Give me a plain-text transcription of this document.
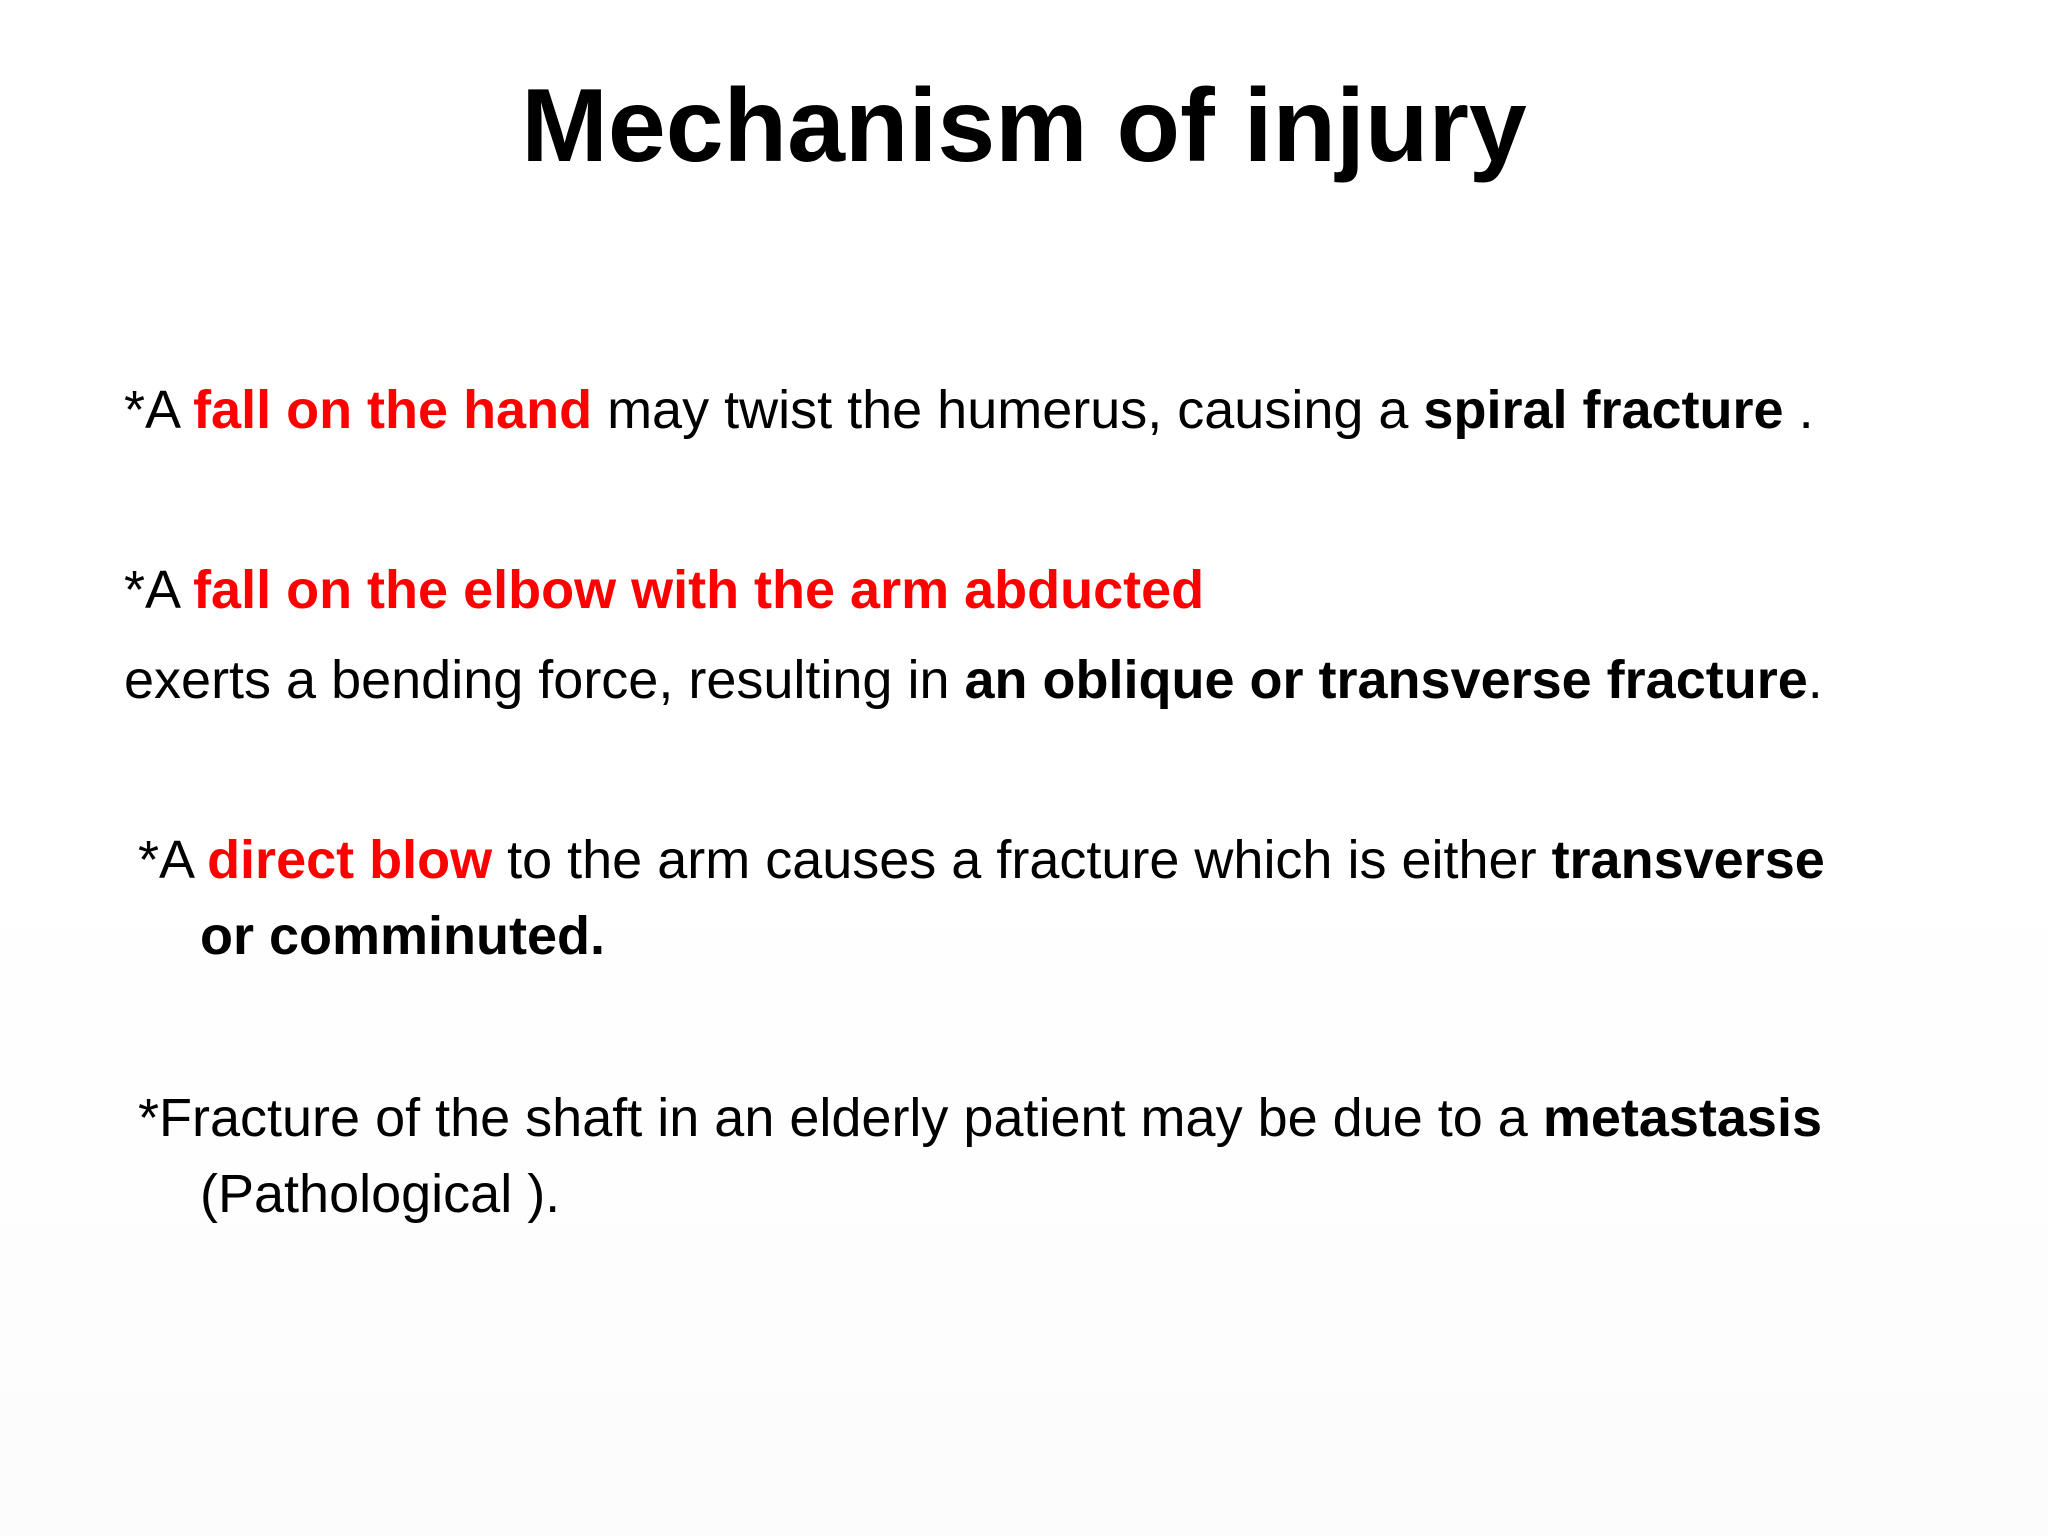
Mechanism of injury

*A fall on the hand may twist the humerus, causing a spiral fracture .

*A fall on the elbow with the arm abducted
exerts a bending force, resulting in an oblique or transverse fracture.

*A direct blow to the arm causes a fracture which is either transverse
or comminuted.

*Fracture of the shaft in an elderly patient may be due to a metastasis
(Pathological ).
